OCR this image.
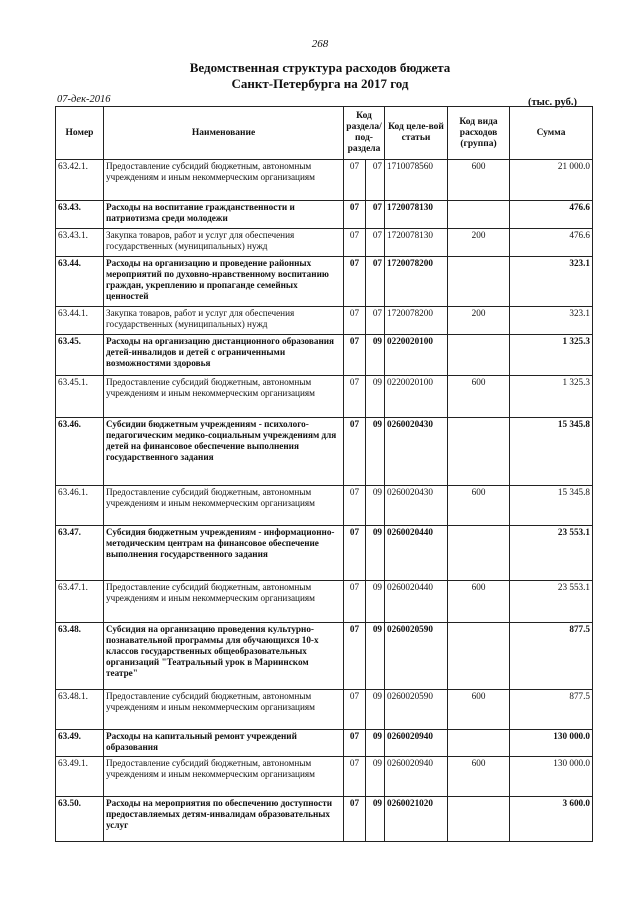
268
Ведомственная структура расходов бюджета
Санкт-Петербурга на 2017 год
07-дек-2016	(тыс. руб.)
Номер	Наименование	Код раздела/ под-раздела		Код целе-вой статьи	Код вида расходов (группа)	Сумма
63.42.1.	Предоставление субсидий бюджетным, автономным учреждениям и иным некоммерческим организациям	07	07	1710078560	600	21 000.0
63.43.	Расходы на воспитание гражданственности и патриотизма среди молодежи	07	07	1720078130		476.6
63.43.1.	Закупка товаров, работ и услуг для обеспечения государственных (муниципальных) нужд	07	07	1720078130	200	476.6
63.44.	Расходы на организацию и проведение районных мероприятий по духовно-нравственному воспитанию граждан, укреплению и пропаганде семейных ценностей	07	07	1720078200		323.1
63.44.1.	Закупка товаров, работ и услуг для обеспечения государственных (муниципальных) нужд	07	07	1720078200	200	323.1
63.45.	Расходы на организацию дистанционного образования детей-инвалидов и детей с ограниченными возможностями здоровья	07	09	0220020100		1 325.3
63.45.1.	Предоставление субсидий бюджетным, автономным учреждениям и иным некоммерческим организациям	07	09	0220020100	600	1 325.3
63.46.	Субсидии бюджетным учреждениям - психолого-педагогическим медико-социальным учреждениям для детей на финансовое обеспечение выполнения государственного задания	07	09	0260020430		15 345.8
63.46.1.	Предоставление субсидий бюджетным, автономным учреждениям и иным некоммерческим организациям	07	09	0260020430	600	15 345.8
63.47.	Субсидия бюджетным учреждениям - информационно-методическим центрам на финансовое обеспечение выполнения государственного задания	07	09	0260020440		23 553.1
63.47.1.	Предоставление субсидий бюджетным, автономным учреждениям и иным некоммерческим организациям	07	09	0260020440	600	23 553.1
63.48.	Субсидия на организацию проведения культурно-познавательной программы для обучающихся 10-х классов государственных общеобразовательных организаций "Театральный урок в Мариинском театре"	07	09	0260020590		877.5
63.48.1.	Предоставление субсидий бюджетным, автономным учреждениям и иным некоммерческим организациям	07	09	0260020590	600	877.5
63.49.	Расходы на капитальный ремонт учреждений образования	07	09	0260020940		130 000.0
63.49.1.	Предоставление субсидий бюджетным, автономным учреждениям и иным некоммерческим организациям	07	09	0260020940	600	130 000.0
63.50.	Расходы на мероприятия по обеспечению доступности предоставляемых детям-инвалидам образовательных услуг	07	09	0260021020		3 600.0
